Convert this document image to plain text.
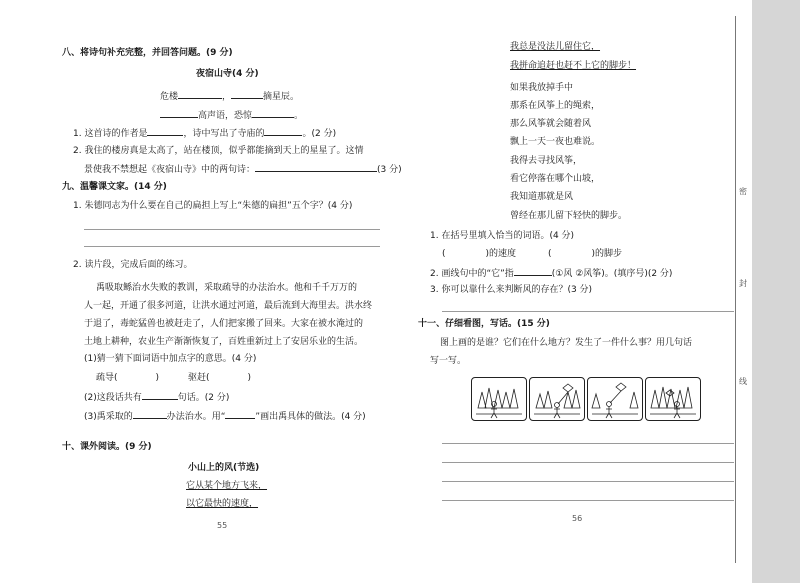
八、将诗句补充完整，并回答问题。(9 分)
夜宿山寺(4 分)
危楼	，	摘星辰。
高声语，恐惊	。
1. 这首诗的作者是	，诗中写出了寺庙的	。(2 分)
2. 我住的楼房真是太高了，站在楼顶，似乎都能摘到天上的星星了。这情
景使我不禁想起《夜宿山寺》中的两句诗：	(3 分)
九、温馨课文家。(14 分)
1. 朱德同志为什么要在自己的扁担上写上“朱德的扁担”五个字？(4 分)
2. 读片段，完成后面的练习。
禹吸取鲧治水失败的教训，采取疏导的办法治水。他和千千万万的
人一起，开通了很多河道，让洪水通过河道，最后流到大海里去。洪水终
于退了，毒蛇猛兽也被赶走了，人们把家搬了回来。大家在被水淹过的
土地上耕种，农业生产渐渐恢复了，百姓重新过上了安居乐业的生活。
(1)猜一猜下面词语中加点字的意思。(4 分)
疏导(	)	驱赶(	)
(2)这段话共有	句话。(2 分)
(3)禹采取的	办法治水。用“	”画出禹具体的做法。(4 分)
十、课外阅读。(9 分)
小山上的风(节选)
它从某个地方飞来，
以它最快的速度，
55
我总是没法儿留住它，
我拼命追赶也赶不上它的脚步！
如果我放掉手中
那系在风筝上的绳索，
那么风筝就会随着风
飘上一天一夜也难说。
我得去寻找风筝，
看它停落在哪个山坡，
我知道那就是风
曾经在那儿留下轻快的脚步。
1. 在括号里填入恰当的词语。(4 分)
(	)的速度	(	)的脚步
2. 画线句中的“它”指	(①风 ②风筝)。(填序号)(2 分)
3. 你可以靠什么来判断风的存在？(3 分)
十一、仔细看图，写话。(15 分)
图上画的是谁？它们在什么地方？发生了一件什么事？用几句话
写一写。
56
密
封
线
